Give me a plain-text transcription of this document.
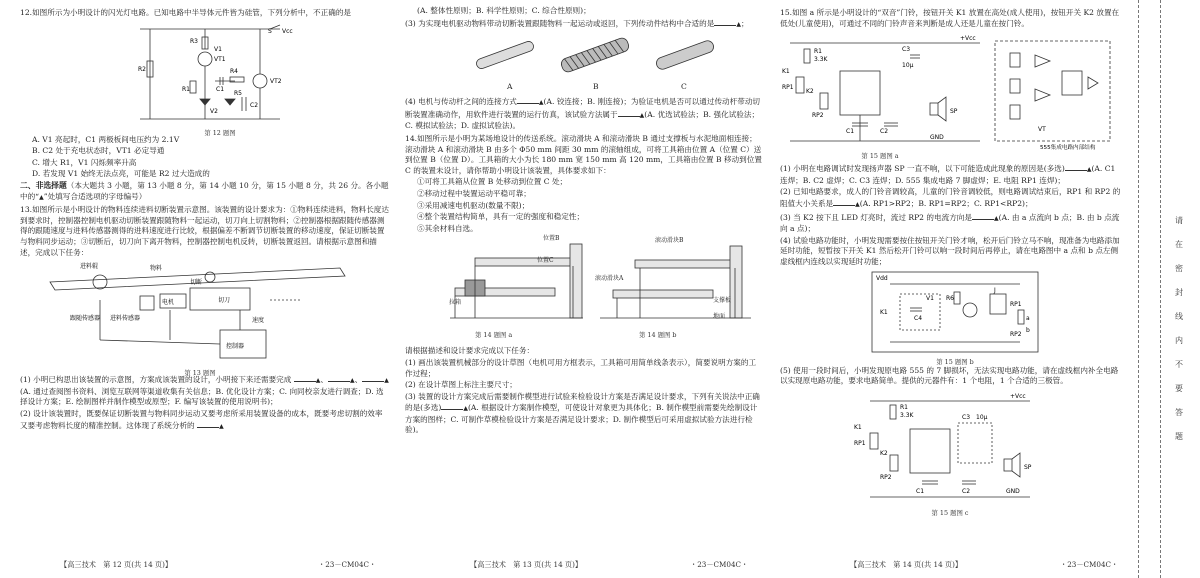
12.如图所示为小明设计的闪光灯电路。已知电路中半导体元件皆为硅管，下列分析中，不正确的是

S Vcc
R2
R3
VT1
V1
R1
R4
C1
C2
VT2
V2
R5
第 12 题图

A. V1 亮起时，C1 两极板间电压约为 2.1V

B. C2 处于充电状态时，VT1 必定导通

C. 增大 R1，V1 闪烁频率升高

D. 若发现 V1 始终无法点亮，可能是 R2 过大造成的

二、非选择题（本大题共 3 小题，第 13 小题 8 分，第 14 小题 10 分，第 15 小题 8 分，共 26 分。各小题中的“▲”处填写合适选项的字母编号）

13.如图所示是小明设计的物料连续进料切断装置示意图。该装置的设计要求为：①物料连续进料，物料长度达到要求时，控制器控制电机驱动切断装置跟随物料一起运动，切刀向上切割物料；②控制器根据跟随传感器测得的跟随速度与进料传感器测得的进料速度进行比较，根据偏差不断调节切断装置的移动速度，保证切断装置与物料同步运动；③切断后，切刀向下离开物料，控制器控制电机反转，切断装置返回。请根据示意图和描述，完成以下任务：

进料辊	物料
切断
电机	切刀
跟随传感器 进料传感器	速度
控制器
第 13 题图

(1) 小明已构思出该装置的示意图，方案成该装置的设计，小明接下来还需要完成	▲、	▲、	▲ (A. 通过查阅图书资料、浏览互联网等渠道收集有关信息；B. 优化设计方案；C. 向同校亲友进行调查；D. 选择设计方案；E. 绘制图样并制作模型或原型；F. 编写该装置的使用说明书)；

(2) 设计该装置时，既要保证切断装置与物料同步运动又要考虑所采用装置设备的成本，既要考虑切割的效率又要考虑物料长度的精准控制。这体现了系统分析的	▲

【高三技术　第 12 页(共 14 页)】	・23－CM04C・

(A. 整体性原则；B. 科学性原则；C. 综合性原则)；

(3) 为实现电机驱动物料带动切断装置跟随物料一起运动或返回，下列传动件结构中合适的是	▲；

A	B	C

(4) 电机与传动杆之间的连接方式	▲(A. 铰连接；B. 刚连接)；为验证电机是否可以通过传动杆带动切断装置准确动作，用软件进行装置的运行仿真，该试验方法属于	▲(A. 优选试验法；B. 强化试验法；C. 模拟试验法；D. 虚拟试验法)。

14.如图所示是小明为某场地设计的传送系统。滚动滑块 A 和滚动滑块 B 通过支撑板与水泥地面相连接；滚动滑块 A 和滚动滑块 B 由多个 Φ50 mm 间距 30 mm 的滚轴组成，可将工具箱由位置 A（位置 C）送到位置 B（位置 D）。工具箱的大小为长 180 mm 宽 150 mm 高 120 mm，工具箱由位置 B 移动到位置 C 的装置未设计，请你帮助小明设计该装置，具体要求如下：

①可将工具箱从位置 B 处移动到位置 C 处；

②移动过程中装置运动平稳可靠；

③采用减速电机驱动(数量不限)；

④整个装置结构简单，具有一定的强度和稳定性；

⑤其余材料自选。

位置B
位置C
拉箱
第 14 题图 a
滚动滑块B
滚动滑块A
支撑板
地面
第 14 题图 b

请根据描述和设计要求完成以下任务：

(1) 画出该装置机械部分的设计草图（电机可用方框表示，工具箱可用简单线条表示），简要说明方案的工作过程；

(2) 在设计草图上标注主要尺寸；

(3) 装置的设计方案完成后需要制作模型进行试验来检验设计方案是否满足设计要求，下列有关说法中正确的是(多选)	▲(A. 根据设计方案制作模型，可使设计对象更为具体化；B. 制作模型前需要先绘制设计方案的图样；C. 可制作草模检验设计方案是否满足设计要求；D. 制作模型后可采用虚拟试验方法进行检验)。

【高三技术　第 13 页(共 14 页)】	・23－CM04C・

15.如图 a 所示是小明设计的“双音”门铃，按钮开关 K1 放置在高处(成人使用)，按钮开关 K2 放置在低处(儿童使用)，可通过不同的门铃声音来判断是成人还是儿童在按门铃。

+Vcc
R1
3.3K
C3
10μ
K1
K2
RP1
RP2
C1	C2	VT
SP
GND
555集成电路内部结构
第 15 题图 a

(1) 小明在电路调试时发现扬声器 SP 一直不响，以下可能造成此现象的原因是(多选)	▲(A. C1 连焊；B. C2 虚焊；C. C3 连焊；D. 555 集成电路 7 脚虚焊；E. 电阻 RP1 连焊)；

(2) 已知电路要求，成人的门铃音调较高，儿童的门铃音调较低，则电路调试结束后，RP1 和 RP2 的阻值大小关系是	▲(A. RP1>RP2；B. RP1=RP2；C. RP1<RP2)；

(3) 当 K2 按下且 LED 灯亮时，流过 RP2 的电流方向是	▲(A. 由 a 点流向 b 点；B. 由 b 点流向 a 点)；

(4) 试验电路功能时，小明发现需要按住按钮开关门铃才响，松开后门铃立马不响，现准备为电路添加延时功能，短暂按下开关 K1 然后松开门铃可以响一段时间后再停止，请在电路图中 a 点和 b 点左侧虚线框内连线以实现延时功能；

Vdd
K1
V1
C4
R6
J
RP1
RP2
a
b
第 15 题图 b

(5) 使用一段时间后，小明发现原电路 555 的 7 脚损坏，无法实现电路功能，请在虚线框内补全电路以实现原电路功能，要求电路简单。提供的元器件有：1 个电阻，1 个合适的三极管。

+Vcc
R1
3.3K	C3 10μ
K1
K2
RP1
RP2
C1	C2
SP
GND
第 15 题图 c
【高三技术　第 14 页(共 14 页)】	・23－CM04C・
请
在
密
封
线
内
不
要
答
题
